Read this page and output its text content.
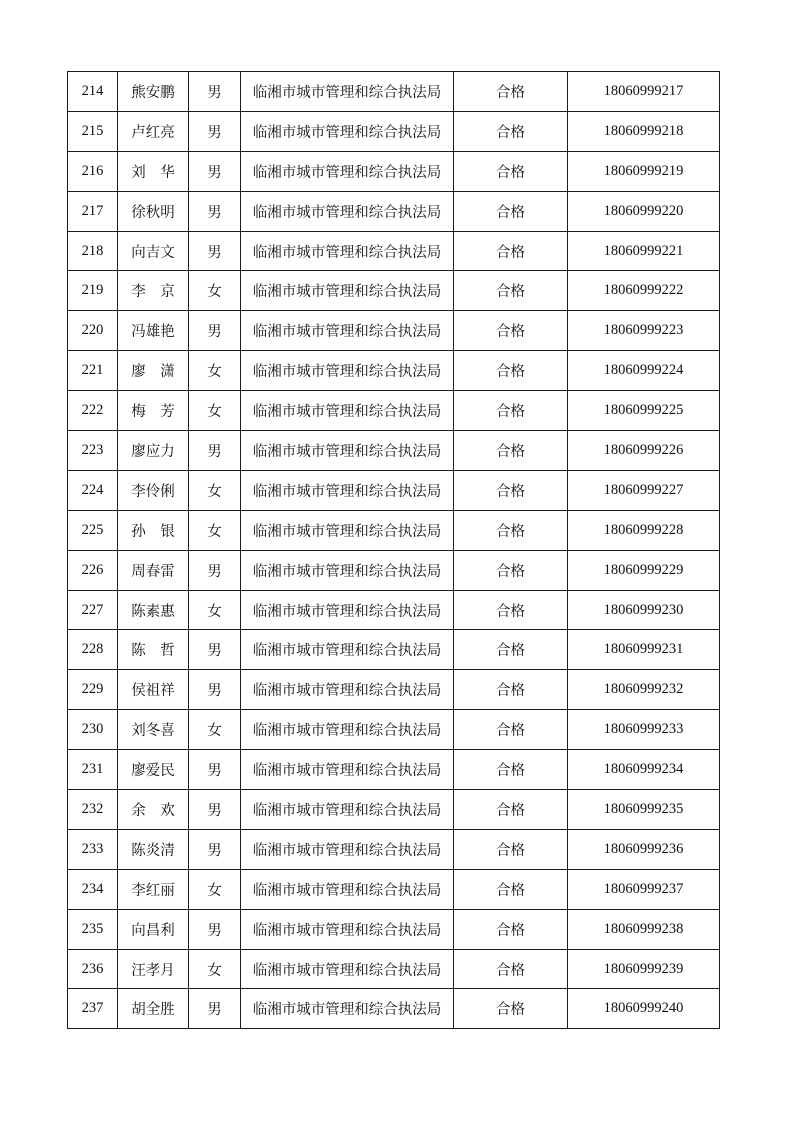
214	熊安鹏	男	临湘市城市管理和综合执法局	合格	18060999217
215	卢红亮	男	临湘市城市管理和综合执法局	合格	18060999218
216	刘　华	男	临湘市城市管理和综合执法局	合格	18060999219
217	徐秋明	男	临湘市城市管理和综合执法局	合格	18060999220
218	向吉文	男	临湘市城市管理和综合执法局	合格	18060999221
219	李　京	女	临湘市城市管理和综合执法局	合格	18060999222
220	冯雄艳	男	临湘市城市管理和综合执法局	合格	18060999223
221	廖　潇	女	临湘市城市管理和综合执法局	合格	18060999224
222	梅　芳	女	临湘市城市管理和综合执法局	合格	18060999225
223	廖应力	男	临湘市城市管理和综合执法局	合格	18060999226
224	李伶俐	女	临湘市城市管理和综合执法局	合格	18060999227
225	孙　银	女	临湘市城市管理和综合执法局	合格	18060999228
226	周春雷	男	临湘市城市管理和综合执法局	合格	18060999229
227	陈素惠	女	临湘市城市管理和综合执法局	合格	18060999230
228	陈　哲	男	临湘市城市管理和综合执法局	合格	18060999231
229	侯祖祥	男	临湘市城市管理和综合执法局	合格	18060999232
230	刘冬喜	女	临湘市城市管理和综合执法局	合格	18060999233
231	廖爱民	男	临湘市城市管理和综合执法局	合格	18060999234
232	余　欢	男	临湘市城市管理和综合执法局	合格	18060999235
233	陈炎清	男	临湘市城市管理和综合执法局	合格	18060999236
234	李红丽	女	临湘市城市管理和综合执法局	合格	18060999237
235	向昌利	男	临湘市城市管理和综合执法局	合格	18060999238
236	汪孝月	女	临湘市城市管理和综合执法局	合格	18060999239
237	胡全胜	男	临湘市城市管理和综合执法局	合格	18060999240
